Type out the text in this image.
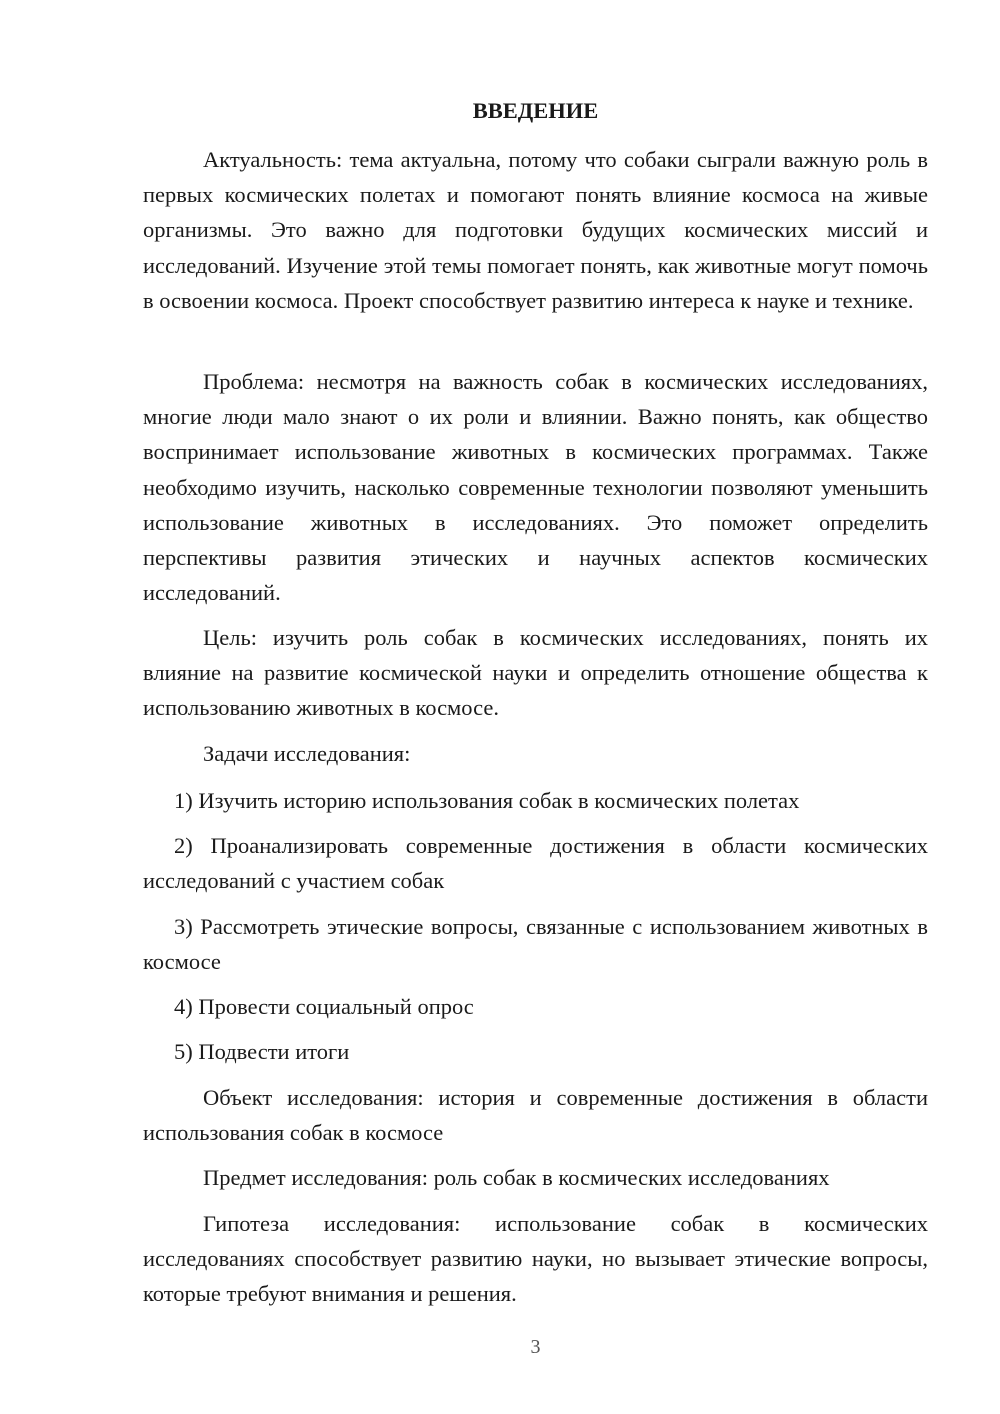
ВВЕДЕНИЕ

Актуальность: тема актуальна, потому что собаки сыграли важную роль в первых космических полетах и помогают понять влияние космоса на живые организмы. Это важно для подготовки будущих космических миссий и исследований. Изучение этой темы помогает понять, как животные могут помочь в освоении космоса. Проект способствует развитию интереса к науке и технике.

Проблема: несмотря на важность собак в космических исследованиях, многие люди мало знают о их роли и влиянии. Важно понять, как общество воспринимает использование животных в космических программах. Также необходимо изучить, насколько современные технологии позволяют уменьшить использование животных в исследованиях. Это поможет определить перспективы развития этических и научных аспектов космических исследований.

Цель: изучить роль собак в космических исследованиях, понять их влияние на развитие космической науки и определить отношение общества к использованию животных в космосе.

Задачи исследования:

1) Изучить историю использования собак в космических полетах

2) Проанализировать современные достижения в области космических исследований с участием собак

3) Рассмотреть этические вопросы, связанные с использованием животных в космосе

4) Провести социальный опрос

5) Подвести итоги

Объект исследования: история и современные достижения в области использования собак в космосе

Предмет исследования: роль собак в космических исследованиях

Гипотеза исследования: использование собак в космических исследованиях способствует развитию науки, но вызывает этические вопросы, которые требуют внимания и решения.

3
